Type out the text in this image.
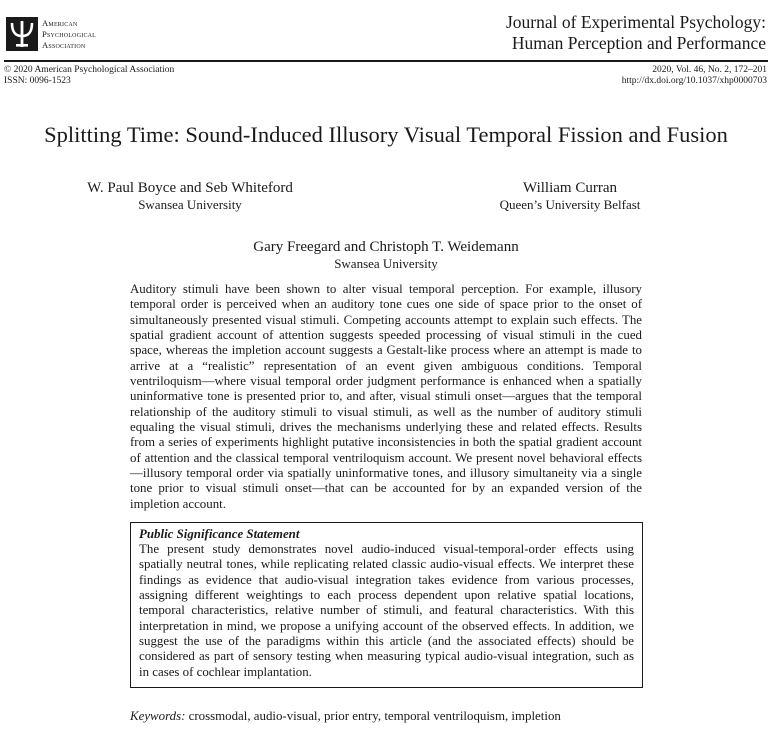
American
Psychological
Association
Journal of Experimental Psychology:
Human Perception and Performance
© 2020 American Psychological Association
ISSN: 0096-1523
2020, Vol. 46, No. 2, 172–201
http://dx.doi.org/10.1037/xhp0000703
Splitting Time: Sound-Induced Illusory Visual Temporal Fission and Fusion
W. Paul Boyce and Seb Whiteford
Swansea University
William Curran
Queen’s University Belfast
Gary Freegard and Christoph T. Weidemann
Swansea University

Auditory stimuli have been shown to alter visual temporal perception. For example, illusory temporal order is perceived when an auditory tone cues one side of space prior to the onset of simultaneously presented visual stimuli. Competing accounts attempt to explain such effects. The spatial gradient account of attention suggests speeded processing of visual stimuli in the cued space, whereas the impletion account suggests a Gestalt-like process where an attempt is made to arrive at a “realistic” representation of an event given ambiguous conditions. Temporal ventriloquism—where visual temporal order judgment performance is enhanced when a spatially uninformative tone is presented prior to, and after, visual stimuli onset—argues that the temporal relationship of the auditory stimuli to visual stimuli, as well as the number of auditory stimuli equaling the visual stimuli, drives the mechanisms underlying these and related effects. Results from a series of experiments highlight putative inconsistencies in both the spatial gradient account of attention and the classical temporal ventriloquism account. We present novel behavioral effects—illusory temporal order via spatially uninformative tones, and illusory simultaneity via a single tone prior to visual stimuli onset—that can be accounted for by an expanded version of the impletion account.

Public Significance Statement

The present study demonstrates novel audio-induced visual-temporal-order effects using spatially neutral tones, while replicating related classic audio-visual effects. We interpret these findings as evidence that audio-visual integration takes evidence from various processes, assigning different weightings to each process dependent upon relative spatial locations, temporal characteristics, relative number of stimuli, and featural characteristics. With this interpretation in mind, we propose a unifying account of the observed effects. In addition, we suggest the use of the paradigms within this article (and the associated effects) should be considered as part of sensory testing when measuring typical audio-visual integration, such as in cases of cochlear implantation.

Keywords: crossmodal, audio-visual, prior entry, temporal ventriloquism, impletion
